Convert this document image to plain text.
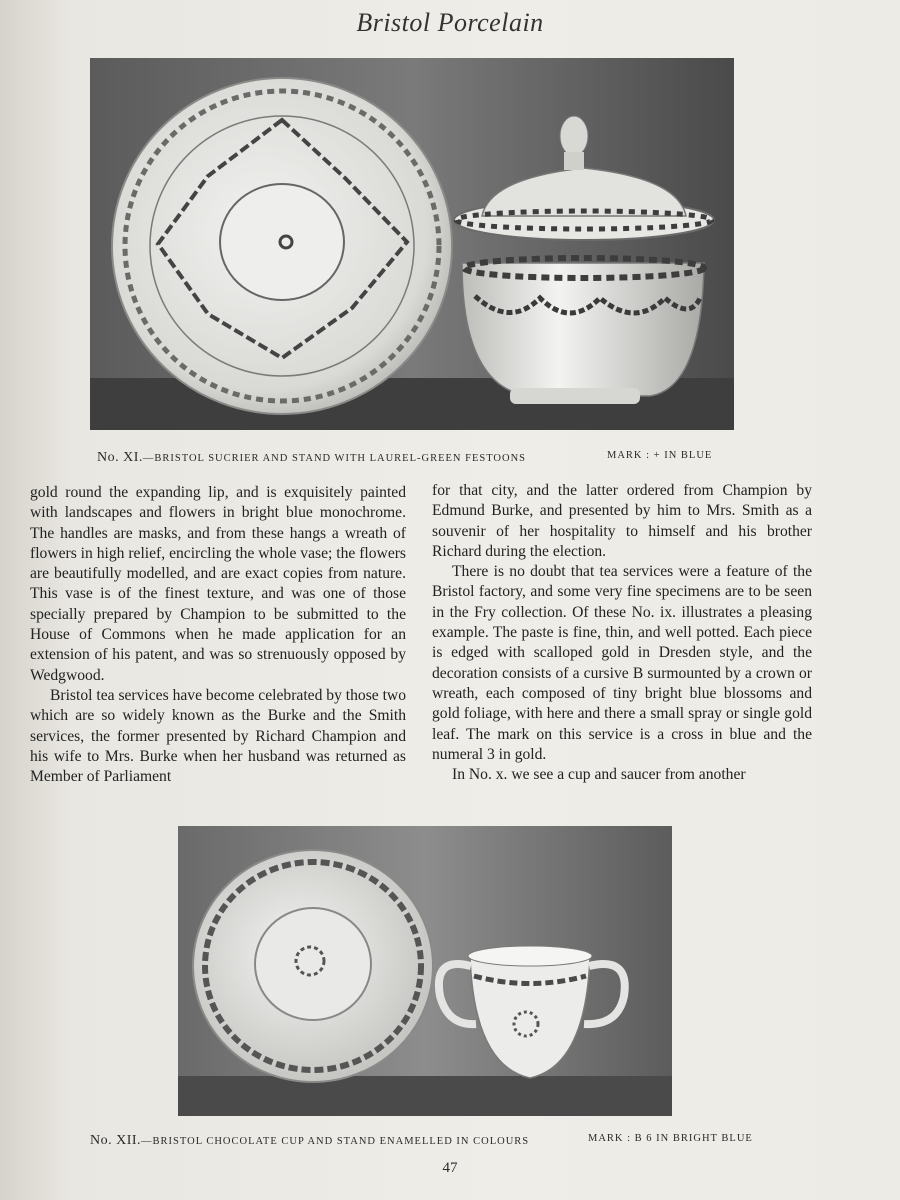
Bristol Porcelain
No. XI.—BRISTOL SUCRIER AND STAND WITH LAUREL-GREEN FESTOONS	MARK : + IN BLUE

gold round the expanding lip, and is exquisitely painted with landscapes and flowers in bright blue monochrome. The handles are masks, and from these hangs a wreath of flowers in high relief, encircling the whole vase; the flowers are beautifully modelled, and are exact copies from nature. This vase is of the finest texture, and was one of those specially prepared by Champion to be submitted to the House of Commons when he made application for an extension of his patent, and was so strenuously opposed by Wedgwood.

Bristol tea services have become celebrated by those two which are so widely known as the Burke and the Smith services, the former presented by Richard Champion and his wife to Mrs. Burke when her husband was returned as Member of Parliament

for that city, and the latter ordered from Champion by Edmund Burke, and presented by him to Mrs. Smith as a souvenir of her hospitality to himself and his brother Richard during the election.

There is no doubt that tea services were a feature of the Bristol factory, and some very fine specimens are to be seen in the Fry collection. Of these No. ix. illustrates a pleasing example. The paste is fine, thin, and well potted. Each piece is edged with scalloped gold in Dresden style, and the decoration consists of a cursive B surmounted by a crown or wreath, each composed of tiny bright blue blossoms and gold foliage, with here and there a small spray or single gold leaf. The mark on this service is a cross in blue and the numeral 3 in gold.

In No. x. we see a cup and saucer from another

No. XII.—BRISTOL CHOCOLATE CUP AND STAND ENAMELLED IN COLOURS	MARK : B 6 IN BRIGHT BLUE
47
